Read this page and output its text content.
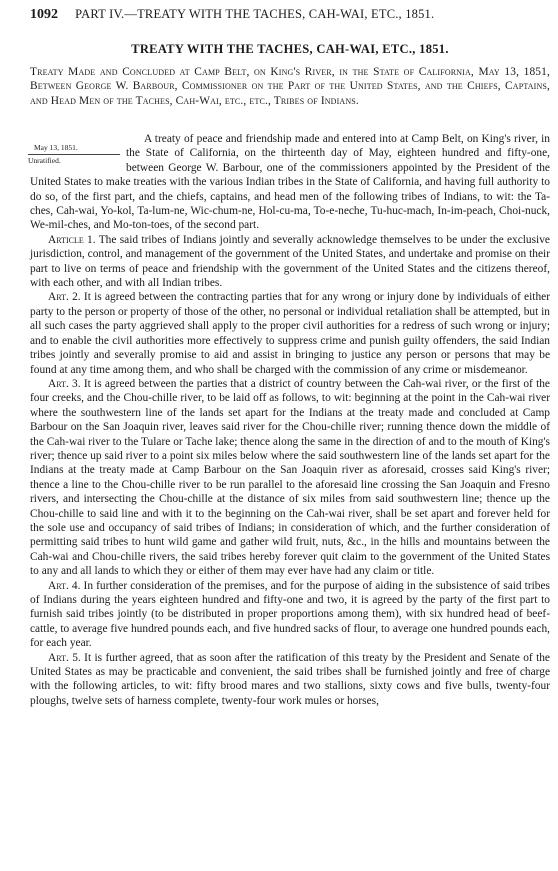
1092 PART IV.—TREATY WITH THE TACHES, CAH-WAI, ETC., 1851.
TREATY WITH THE TACHES, CAH-WAI, ETC., 1851.
Treaty Made and Concluded at Camp Belt, on King's River, in the State of California, May 13, 1851, Between George W. Barbour, Commissioner on the Part of the United States, and the Chiefs, Captains, and Head Men of the Taches, Cah-Wai, etc., etc., Tribes of Indians.
May 13, 1851.
Unratified.

A treaty of peace and friendship made and entered into at Camp Belt, on King's river, in the State of California, on the thirteenth day of May, eighteen hundred and fifty-one, between George W. Barbour, one of the commissioners appointed by the President of the United States to make treaties with the various Indian tribes in the State of California, and having full authority to do so, of the first part, and the chiefs, captains, and head men of the following tribes of Indians, to wit: the Ta-ches, Cah-wai, Yo-kol, Ta-lum-ne, Wic-chum-ne, Hol-cu-ma, To-e-neche, Tu-huc-mach, In-im-peach, Choi-nuck, We-mil-ches, and Mo-ton-toes, of the second part.

Article 1. The said tribes of Indians jointly and severally acknowledge themselves to be under the exclusive jurisdiction, control, and management of the government of the United States, and undertake and promise on their part to live on terms of peace and friendship with the government of the United States and the citizens thereof, with each other, and with all Indian tribes.

Art. 2. It is agreed between the contracting parties that for any wrong or injury done by individuals of either party to the person or property of those of the other, no personal or individual retaliation shall be attempted, but in all such cases the party aggrieved shall apply to the proper civil authorities for a redress of such wrong or injury; and to enable the civil authorities more effectively to suppress crime and punish guilty offenders, the said Indian tribes jointly and severally promise to aid and assist in bringing to justice any person or persons that may be found at any time among them, and who shall be charged with the commission of any crime or misdemeanor.

Art. 3. It is agreed between the parties that a district of country between the Cah-wai river, or the first of the four creeks, and the Chou-chille river, to be laid off as follows, to wit: beginning at the point in the Cah-wai river where the southwestern line of the lands set apart for the Indians at the treaty made and concluded at Camp Barbour on the San Joaquin river, leaves said river for the Chou-chille river; running thence down the middle of the Cah-wai river to the Tulare or Tache lake; thence along the same in the direction of and to the mouth of King's river; thence up said river to a point six miles below where the said southwestern line of the lands set apart for the Indians at the treaty made at Camp Barbour on the San Joaquin river as aforesaid, crosses said King's river; thence a line to the Chou-chille river to be run parallel to the aforesaid line crossing the San Joaquin and Fresno rivers, and intersecting the Chou-chille at the distance of six miles from said southwestern line; thence up the Chou-chille to said line and with it to the beginning on the Cah-wai river, shall be set apart and forever held for the sole use and occupancy of said tribes of Indians; in consideration of which, and the further consideration of permitting said tribes to hunt wild game and gather wild fruit, nuts, &c., in the hills and mountains between the Cah-wai and Chou-chille rivers, the said tribes hereby forever quit claim to the government of the United States to any and all lands to which they or either of them may ever have had any claim or title.

Art. 4. In further consideration of the premises, and for the purpose of aiding in the subsistence of said tribes of Indians during the years eighteen hundred and fifty-one and two, it is agreed by the party of the first part to furnish said tribes jointly (to be distributed in proper proportions among them), with six hundred head of beef-cattle, to average five hundred pounds each, and five hundred sacks of flour, to average one hundred pounds each, for each year.

Art. 5. It is further agreed, that as soon after the ratification of this treaty by the President and Senate of the United States as may be practicable and convenient, the said tribes shall be furnished jointly and free of charge with the following articles, to wit: fifty brood mares and two stallions, sixty cows and five bulls, twenty-four ploughs, twelve sets of harness complete, twenty-four work mules or horses,
